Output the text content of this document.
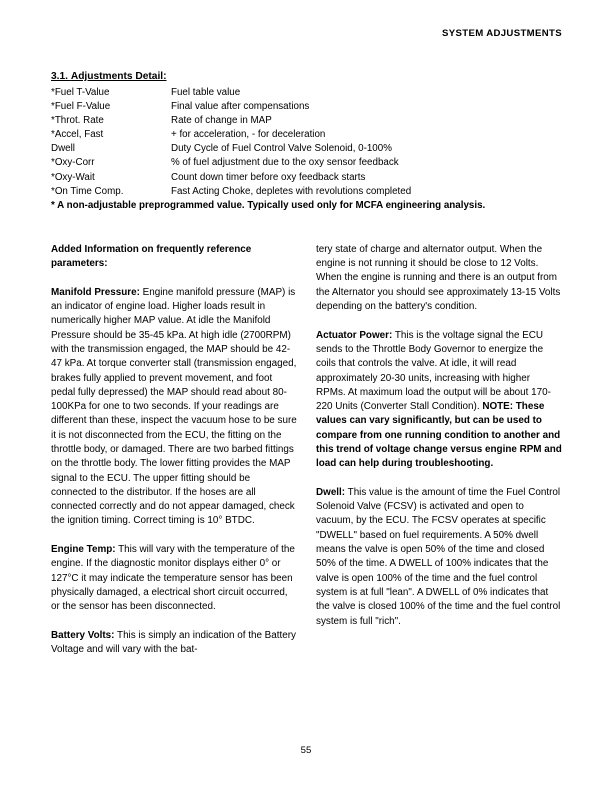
SYSTEM ADJUSTMENTS
3.1. Adjustments Detail:
*Fuel T-Value	Fuel table value
*Fuel F-Value	Final value after compensations
*Throt. Rate	Rate of change in MAP
*Accel, Fast	+ for acceleration, - for deceleration
Dwell	Duty Cycle of Fuel Control Valve Solenoid, 0-100%
*Oxy-Corr	% of fuel adjustment due to the oxy sensor feedback
*Oxy-Wait	Count down timer before oxy feedback starts
*On Time Comp.	Fast Acting Choke, depletes with revolutions completed

* A non-adjustable preprogrammed value. Typically used only for MCFA engineering analysis.

Added Information on frequently reference parameters:

Manifold Pressure: Engine manifold pressure (MAP) is an indicator of engine load. Higher loads result in numerically higher MAP value. At idle the Manifold Pressure should be 35-45 kPa. At high idle (2700RPM) with the transmission engaged, the MAP should be 42-47 kPa. At torque converter stall (transmission engaged, brakes fully applied to prevent movement, and foot pedal fully depressed) the MAP should read about 80-100KPa for one to two seconds. If your readings are different than these, inspect the vacuum hose to be sure it is not disconnected from the ECU, the fitting on the throttle body, or damaged. There are two barbed fittings on the throttle body. The lower fitting provides the MAP signal to the ECU. The upper fitting should be connected to the distributor. If the hoses are all connected correctly and do not appear damaged, check the ignition timing. Correct timing is 10° BTDC.

Engine Temp: This will vary with the temperature of the engine. If the diagnostic monitor displays either 0° or 127°C it may indicate the temperature sensor has been physically damaged, a electrical short circuit occurred, or the sensor has been disconnected.

Battery Volts: This is simply an indication of the Battery Voltage and will vary with the bat-

tery state of charge and alternator output. When the engine is not running it should be close to 12 Volts. When the engine is running and there is an output from the Alternator you should see approximately 13-15 Volts depending on the battery's condition.

Actuator Power: This is the voltage signal the ECU sends to the Throttle Body Governor to energize the coils that controls the valve. At idle, it will read approximately 20-30 units, increasing with higher RPMs. At maximum load the output will be about 170-220 Units (Converter Stall Condition). NOTE: These values can vary significantly, but can be used to compare from one running condition to another and this trend of voltage change versus engine RPM and load can help during troubleshooting.

Dwell: This value is the amount of time the Fuel Control Solenoid Valve (FCSV) is activated and open to vacuum, by the ECU. The FCSV operates at specific "DWELL" based on fuel requirements. A 50% dwell means the valve is open 50% of the time and closed 50% of the time. A DWELL of 100% indicates that the valve is open 100% of the time and the fuel control system is at full "lean". A DWELL of 0% indicates that the valve is closed 100% of the time and the fuel control system is full "rich".

55
